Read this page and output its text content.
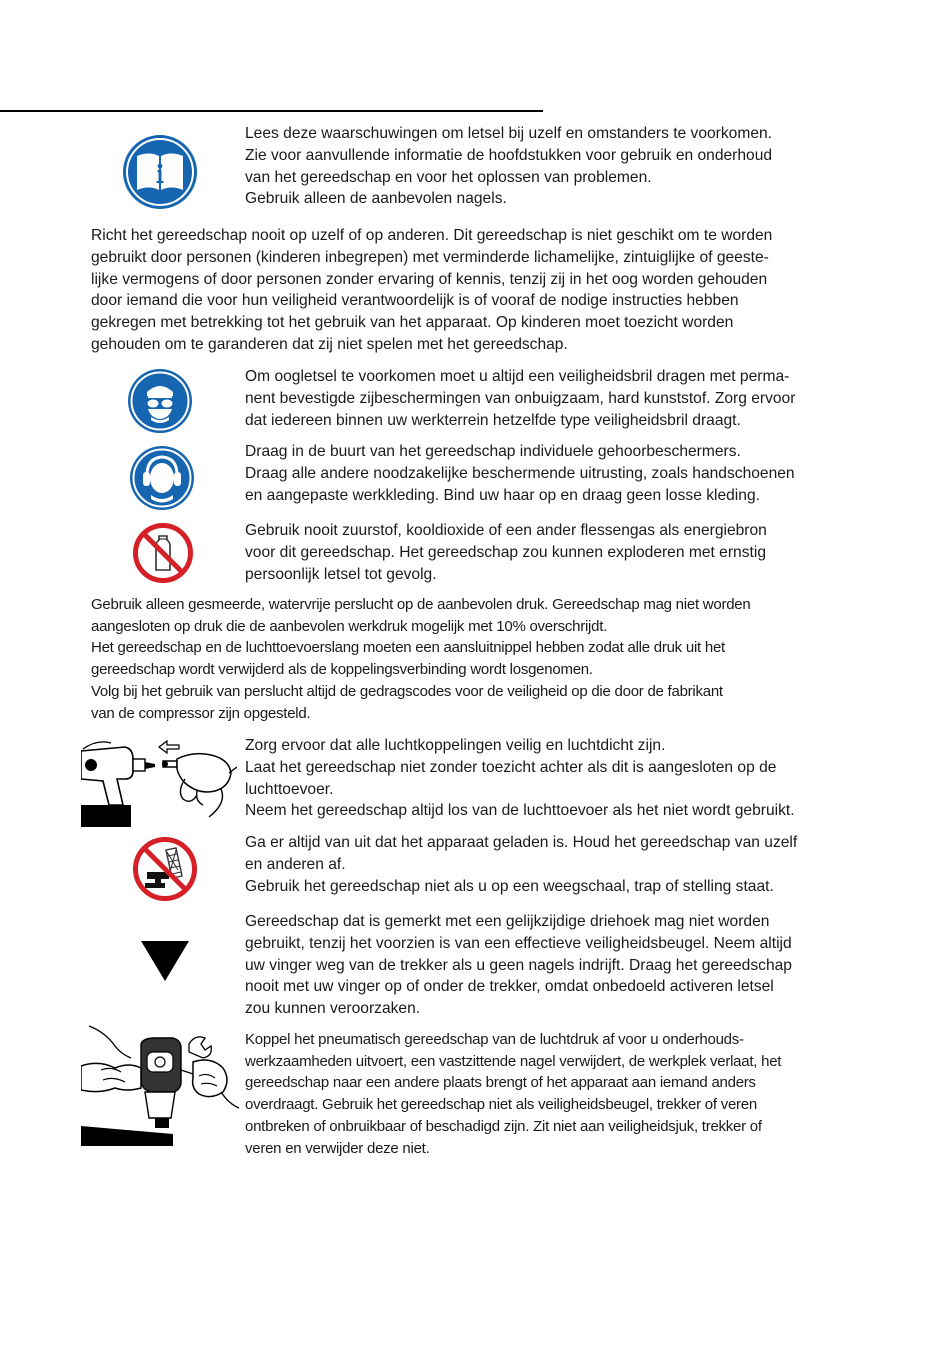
Lees deze waarschuwingen om letsel bij uzelf en omstanders te voorkomen.
Zie voor aanvullende informatie de hoofdstukken voor gebruik en onderhoud
van het gereedschap en voor het oplossen van problemen.
Gebruik alleen de aanbevolen nagels.
Richt het gereedschap nooit op uzelf of op anderen. Dit gereedschap is niet geschikt om te worden
gebruikt door personen (kinderen inbegrepen) met verminderde lichamelijke, zintuiglijke of geeste-
lijke vermogens of door personen zonder ervaring of kennis, tenzij zij in het oog worden gehouden
door iemand die voor hun veiligheid verantwoordelijk is of vooraf de nodige instructies hebben
gekregen met betrekking tot het gebruik van het apparaat. Op kinderen moet toezicht worden
gehouden om te garanderen dat zij niet spelen met het gereedschap.
Om oogletsel te voorkomen moet u altijd een veiligheidsbril dragen met perma-
nent bevestigde zijbeschermingen van onbuigzaam, hard kunststof. Zorg ervoor
dat iedereen binnen uw werkterrein hetzelfde type veiligheidsbril draagt.
Draag in de buurt van het gereedschap individuele gehoorbeschermers.
Draag alle andere noodzakelijke beschermende uitrusting, zoals handschoenen
en aangepaste werkkleding. Bind uw haar op en draag geen losse kleding.
Gebruik nooit zuurstof, kooldioxide of een ander flessengas als energiebron
voor dit gereedschap. Het gereedschap zou kunnen exploderen met ernstig
persoonlijk letsel tot gevolg.
Gebruik alleen gesmeerde, watervrije perslucht op de aanbevolen druk. Gereedschap mag niet worden
aangesloten op druk die de aanbevolen werkdruk mogelijk met 10% overschrijdt.
Het gereedschap en de luchttoevoerslang moeten een aansluitnippel hebben zodat alle druk uit het
gereedschap wordt verwijderd als de koppelingsverbinding wordt losgenomen.
Volg bij het gebruik van perslucht altijd de gedragscodes voor de veiligheid op die door de fabrikant
van de compressor zijn opgesteld.
Zorg ervoor dat alle luchtkoppelingen veilig en luchtdicht zijn.
Laat het gereedschap niet zonder toezicht achter als dit is aangesloten op de
luchttoevoer.
Neem het gereedschap altijd los van de luchttoevoer als het niet wordt gebruikt.
Ga er altijd van uit dat het apparaat geladen is. Houd het gereedschap van uzelf
en anderen af.
Gebruik het gereedschap niet als u op een weegschaal, trap of stelling staat.
Gereedschap dat is gemerkt met een gelijkzijdige driehoek mag niet worden
gebruikt, tenzij het voorzien is van een effectieve veiligheidsbeugel. Neem altijd
uw vinger weg van de trekker als u geen nagels indrijft. Draag het gereedschap
nooit met uw vinger op of onder de trekker, omdat onbedoeld activeren letsel
zou kunnen veroorzaken.
Koppel het pneumatisch gereedschap van de luchtdruk af voor u onderhouds-
werkzaamheden uitvoert, een vastzittende nagel verwijdert, de werkplek verlaat, het
gereedschap naar een andere plaats brengt of het apparaat aan iemand anders
overdraagt. Gebruik het gereedschap niet als veiligheidsbeugel, trekker of veren
ontbreken of onbruikbaar of beschadigd zijn. Zit niet aan veiligheidsjuk, trekker of
veren en verwijder deze niet.
